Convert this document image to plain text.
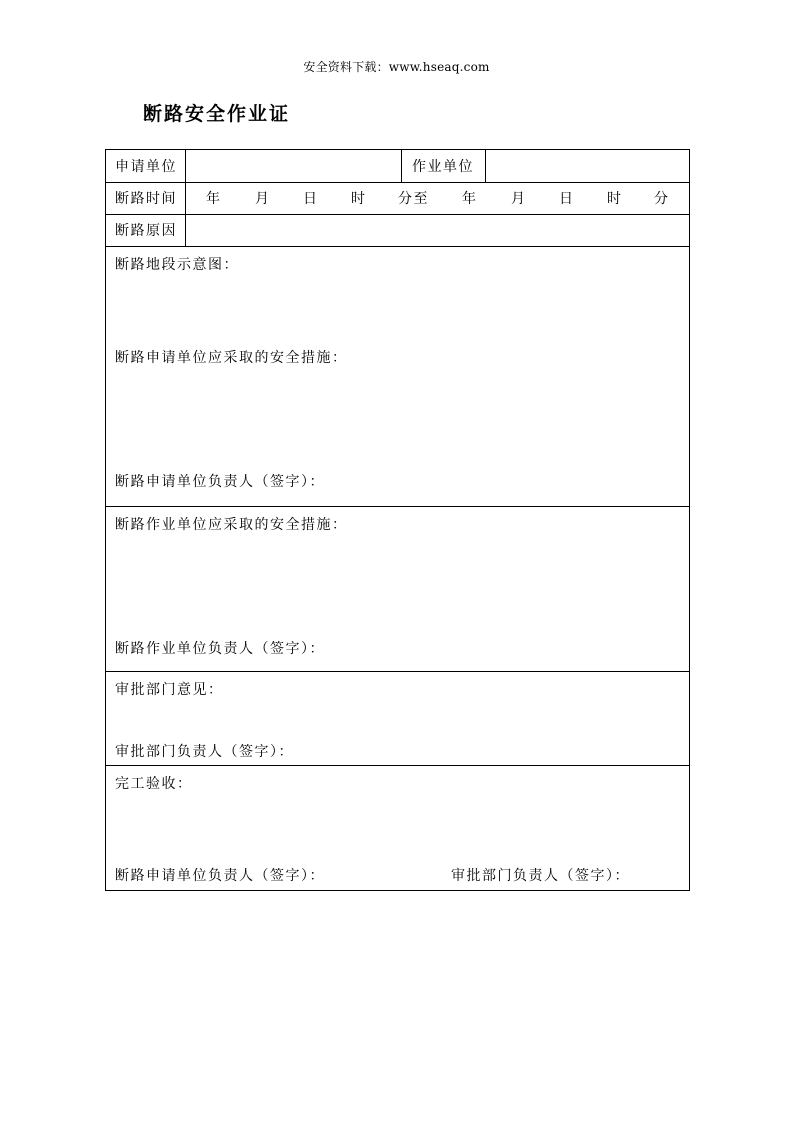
安全资料下载：www.hseaq.com
断路安全作业证
申请单位	作业单位
断路时间 年 月 日 时 分至 年 月 日 时 分
断路原因
断路地段示意图：
断路申请单位应采取的安全措施：
断路申请单位负责人（签字）：
断路作业单位应采取的安全措施：
断路作业单位负责人（签字）：
审批部门意见：
审批部门负责人（签字）：
完工验收：
断路申请单位负责人（签字）：	审批部门负责人（签字）：
